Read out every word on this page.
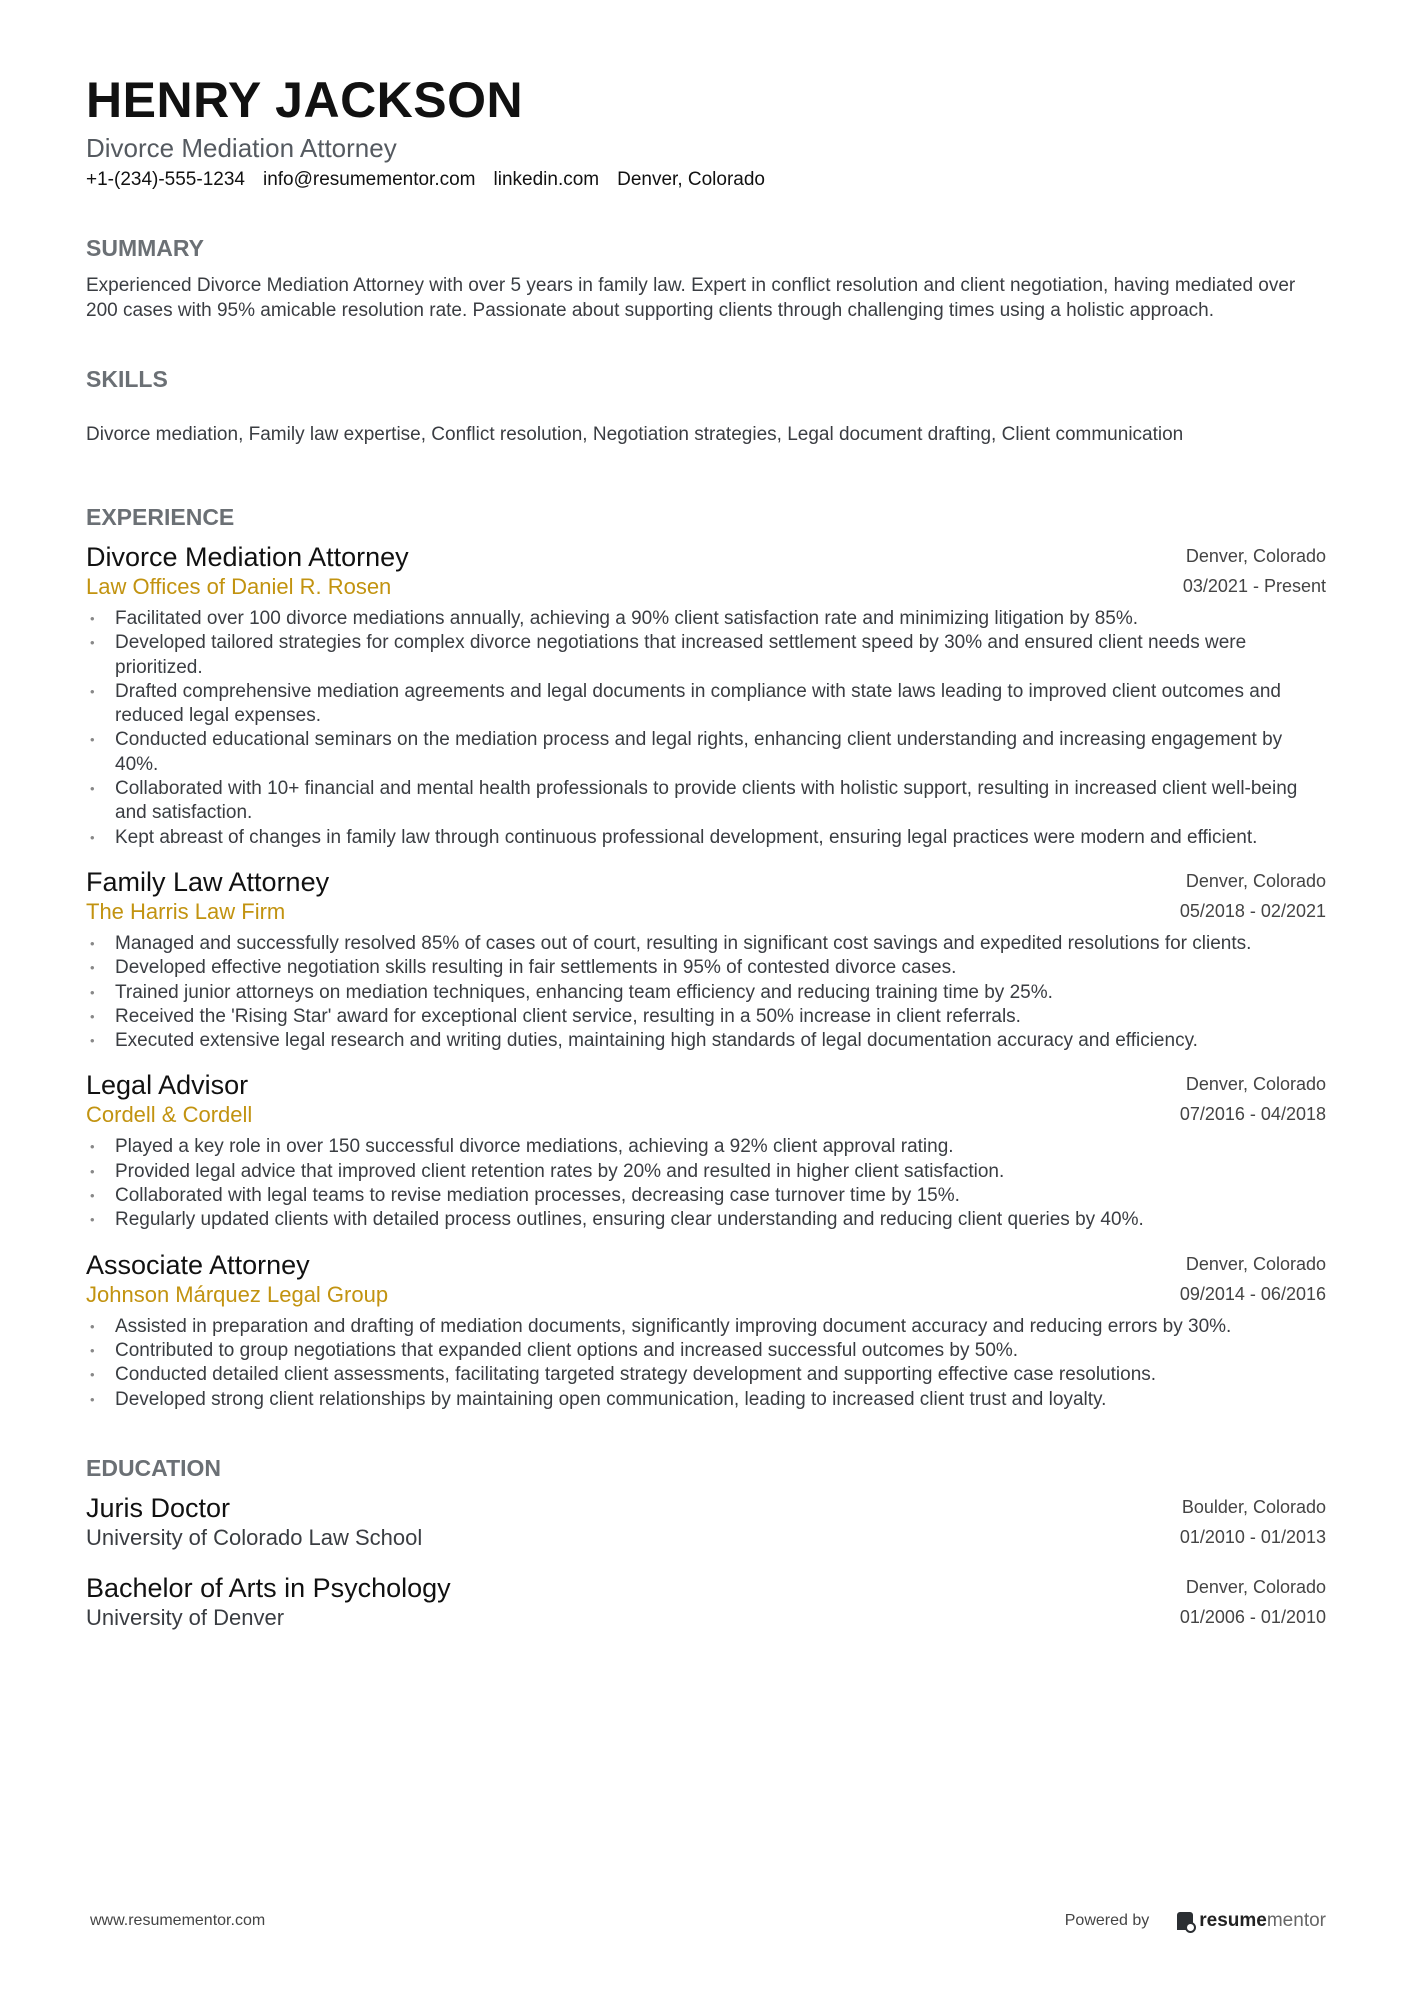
HENRY JACKSON
Divorce Mediation Attorney
+1-(234)-555-1234 info@resumementor.com linkedin.com Denver, Colorado
SUMMARY
Experienced Divorce Mediation Attorney with over 5 years in family law. Expert in conflict resolution and client negotiation, having mediated over 200 cases with 95% amicable resolution rate. Passionate about supporting clients through challenging times using a holistic approach.
SKILLS
Divorce mediation, Family law expertise, Conflict resolution, Negotiation strategies, Legal document drafting, Client communication
EXPERIENCE
Divorce Mediation Attorney
Law Offices of Daniel R. Rosen
Denver, Colorado
03/2021 - Present
• Facilitated over 100 divorce mediations annually, achieving a 90% client satisfaction rate and minimizing litigation by 85%.
• Developed tailored strategies for complex divorce negotiations that increased settlement speed by 30% and ensured client needs were prioritized.
• Drafted comprehensive mediation agreements and legal documents in compliance with state laws leading to improved client outcomes and reduced legal expenses.
• Conducted educational seminars on the mediation process and legal rights, enhancing client understanding and increasing engagement by 40%.
• Collaborated with 10+ financial and mental health professionals to provide clients with holistic support, resulting in increased client well-being and satisfaction.
• Kept abreast of changes in family law through continuous professional development, ensuring legal practices were modern and efficient.
Family Law Attorney
The Harris Law Firm
Denver, Colorado
05/2018 - 02/2021
• Managed and successfully resolved 85% of cases out of court, resulting in significant cost savings and expedited resolutions for clients.
• Developed effective negotiation skills resulting in fair settlements in 95% of contested divorce cases.
• Trained junior attorneys on mediation techniques, enhancing team efficiency and reducing training time by 25%.
• Received the 'Rising Star' award for exceptional client service, resulting in a 50% increase in client referrals.
• Executed extensive legal research and writing duties, maintaining high standards of legal documentation accuracy and efficiency.
Legal Advisor
Cordell & Cordell
Denver, Colorado
07/2016 - 04/2018
• Played a key role in over 150 successful divorce mediations, achieving a 92% client approval rating.
• Provided legal advice that improved client retention rates by 20% and resulted in higher client satisfaction.
• Collaborated with legal teams to revise mediation processes, decreasing case turnover time by 15%.
• Regularly updated clients with detailed process outlines, ensuring clear understanding and reducing client queries by 40%.
Associate Attorney
Johnson Márquez Legal Group
Denver, Colorado
09/2014 - 06/2016
• Assisted in preparation and drafting of mediation documents, significantly improving document accuracy and reducing errors by 30%.
• Contributed to group negotiations that expanded client options and increased successful outcomes by 50%.
• Conducted detailed client assessments, facilitating targeted strategy development and supporting effective case resolutions.
• Developed strong client relationships by maintaining open communication, leading to increased client trust and loyalty.
EDUCATION
Juris Doctor
University of Colorado Law School
Boulder, Colorado
01/2010 - 01/2013
Bachelor of Arts in Psychology
University of Denver
Denver, Colorado
01/2006 - 01/2010
www.resumementor.com	Powered by	resumementor
